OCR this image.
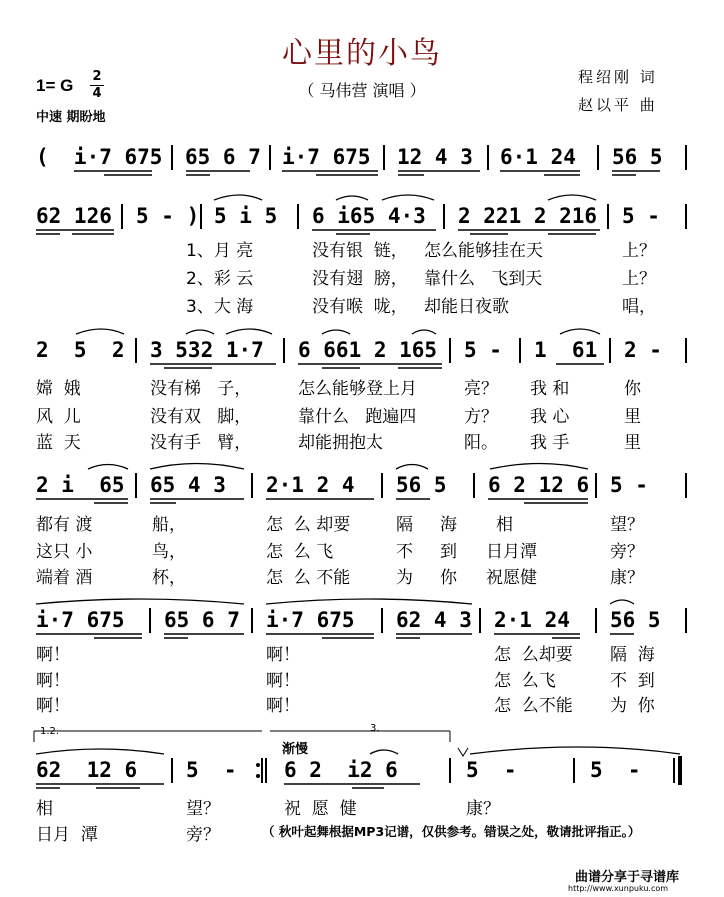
心里的小鸟
（ 马伟营 演唱 ）
1= G 2
4
中速 期盼地
程绍刚 词
赵以平 曲
(  i·7 675 65 6 7 i·7 675 12 4 3 6·1 24 56 5
62 126 5 - ) 5 i 5 6 i65 4·3 2 221 2 216 5 -
1、月 亮	没有银  链， 怎么能够挂在天	上？
2、彩 云	没有翅  膀， 靠什么   飞到天	上？
3、大 海	没有喉  咙， 却能日夜歌	唱，
2  5  2 3 532 1·7 6 661 2 165 5 - 1  61 2 -
嫦  娥	没有梯   子，	怎么能够登上月	亮？ 我 和	你
风  儿	没有双   脚，	靠什么   跑遍四	方？ 我 心	里
蓝  天	没有手   臂，	却能拥抱太	阳。 我 手	里
2 i  65 65 4 3 2·1 2 4 56 5 6 2 12 6 5 -
都有 渡	船，	怎  么 却要	隔 海 相	望？
这只 小	鸟，	怎  么 飞	不 到 日月潭	旁？
端着 酒	杯，	怎  么 不能	为 你 祝愿健	康？
i·7 675 65 6 7 i·7 675 62 4 3 2·1 24 56 5
啊！	啊！	怎  么却要 隔  海
啊！	啊！	怎  么飞	不  到
啊！	啊！	怎  么不能 为  你
1.2.	3.
渐慢
62  12 6 5  - 6 2  i2 6	5  -	5  -
相	望？	祝  愿  健	康？
日月  潭	旁？	（ 秋叶起舞根据MP3记谱，仅供参考。错误之处，敬请批评指正。）
曲谱分享于寻谱库
http://www.xunpuku.com
